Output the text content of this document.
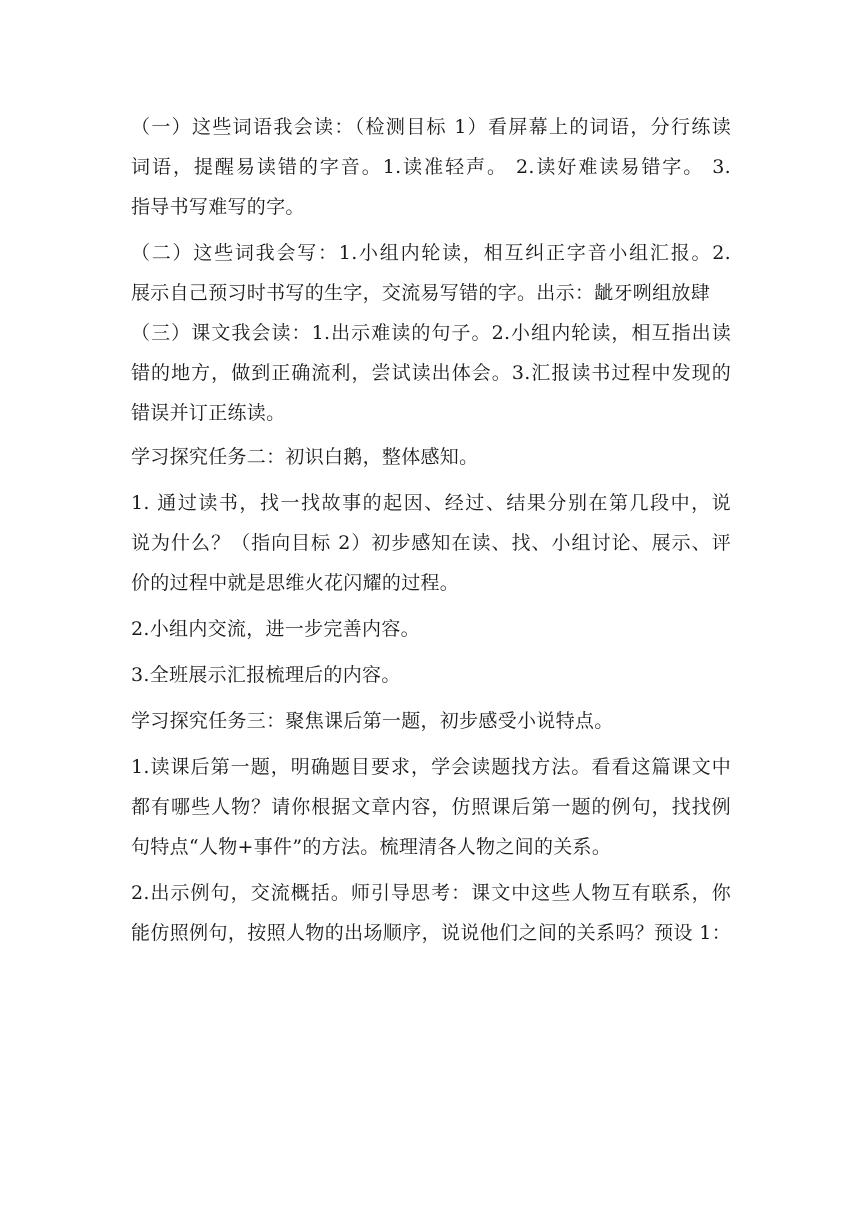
（一）这些词语我会读：（检测目标 1）看屏幕上的词语，分行练读
词语，提醒易读错的字音。1.读准轻声。 2.读好难读易错字。 3.
指导书写难写的字。
（二）这些词我会写：1.小组内轮读，相互纠正字音小组汇报。2.
展示自己预习时书写的生字，交流易写错的字。出示：龇牙咧组放肆
（三）课文我会读：1.出示难读的句子。2.小组内轮读，相互指出读
错的地方，做到正确流利，尝试读出体会。3.汇报读书过程中发现的
错误并订正练读。
学习探究任务二：初识白鹅，整体感知。
1. 通过读书，找一找故事的起因、经过、结果分别在第几段中，说
说为什么？（指向目标 2）初步感知在读、找、小组讨论、展示、评
价的过程中就是思维火花闪耀的过程。
2.小组内交流，进一步完善内容。
3.全班展示汇报梳理后的内容。
学习探究任务三：聚焦课后第一题，初步感受小说特点。
1.读课后第一题，明确题目要求，学会读题找方法。看看这篇课文中
都有哪些人物？请你根据文章内容，仿照课后第一题的例句，找找例
句特点“人物+事件”的方法。梳理清各人物之间的关系。
2.出示例句，交流概括。师引导思考：课文中这些人物互有联系，你
能仿照例句，按照人物的出场顺序，说说他们之间的关系吗？预设 1：
